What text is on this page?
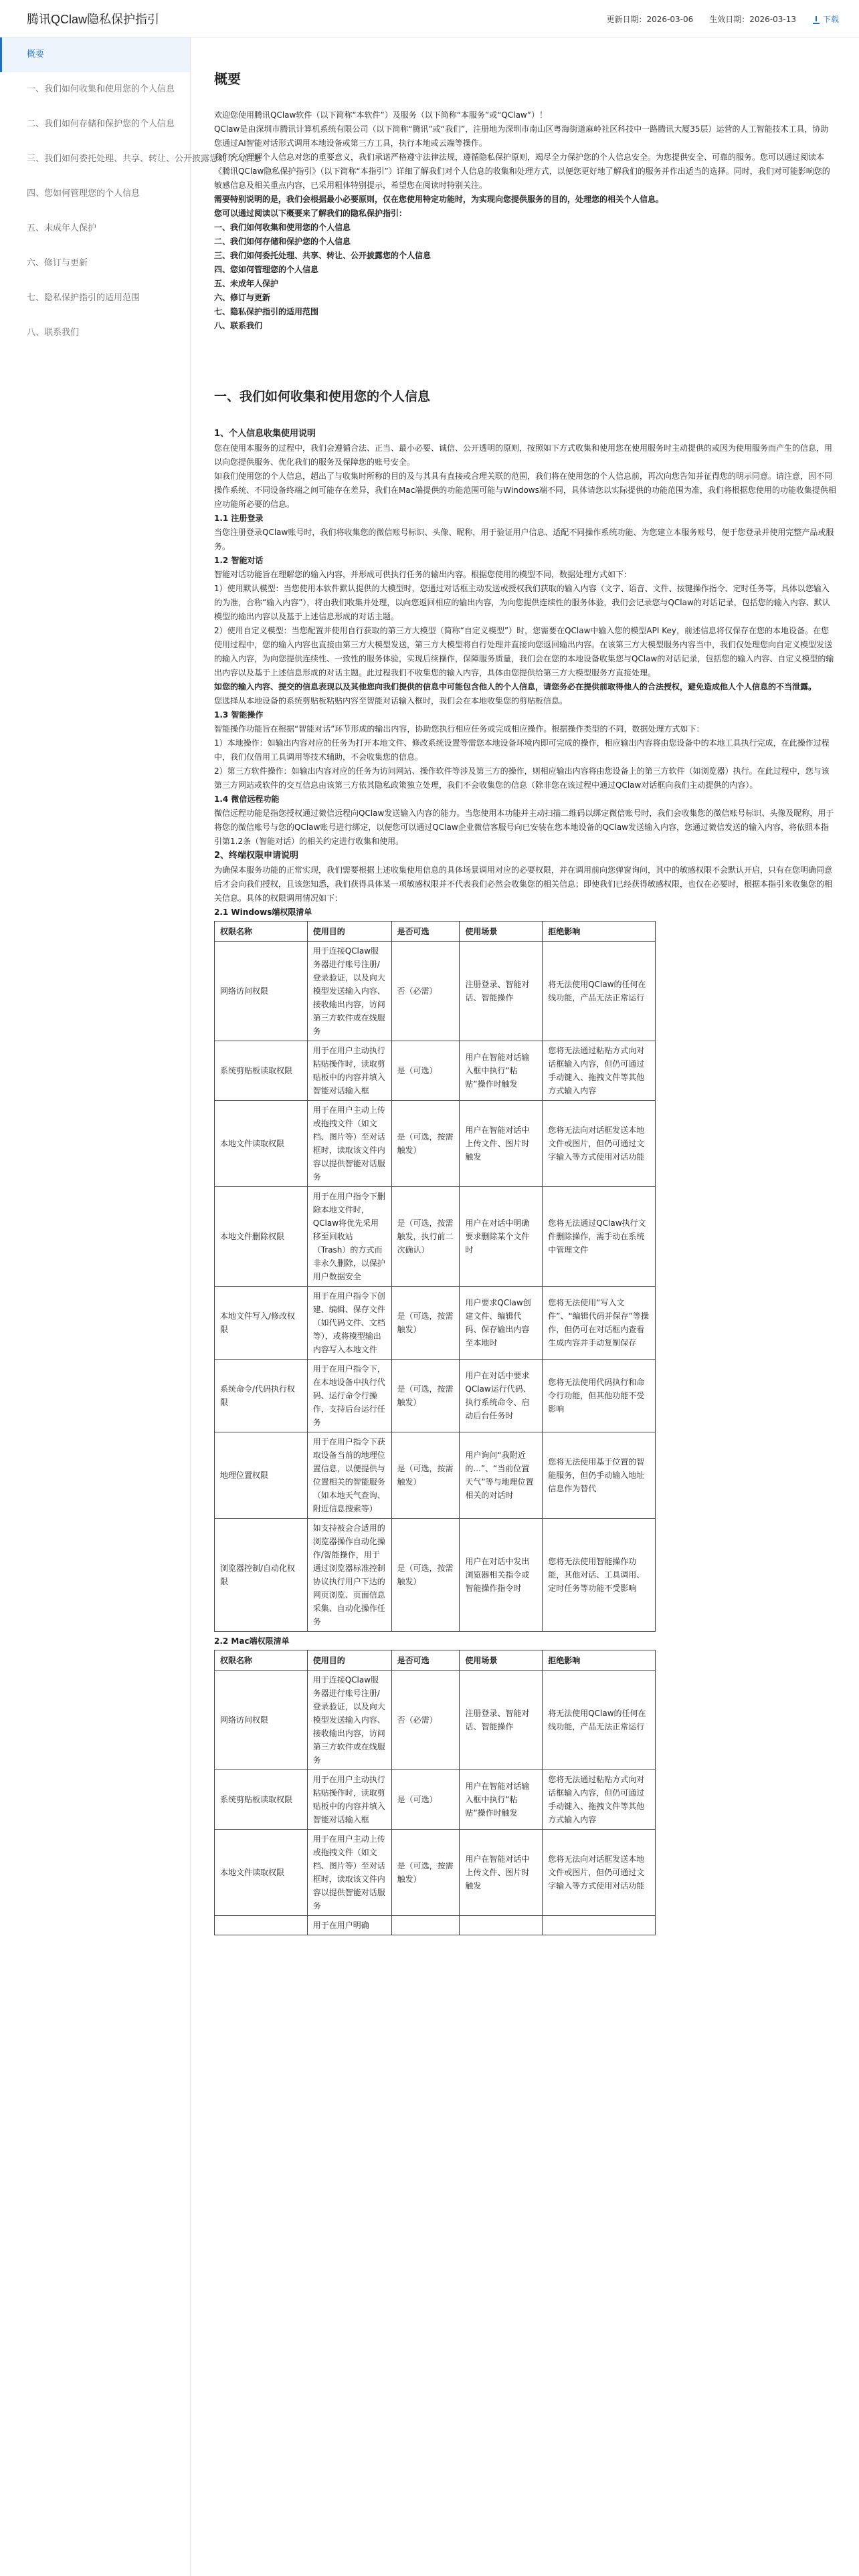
腾讯QClaw隐私保护指引	更新日期：2026-03-06 生效日期：2026-03-13	下载
概要
一、我们如何收集和使用您的个人信息
二、我们如何存储和保护您的个人信息
三、我们如何委托处理、共享、转让、公开披露您的个人信息
四、您如何管理您的个人信息
五、未成年人保护
六、修订与更新
七、隐私保护指引的适用范围
八、联系我们
概要

欢迎您使用腾讯QClaw软件（以下简称“本软件”）及服务（以下简称“本服务”或“QClaw”）！

QClaw是由深圳市腾讯计算机系统有限公司（以下简称“腾讯”或“我们”，注册地为深圳市南山区粤海街道麻岭社区科技中一路腾讯大厦35层）运营的人工智能技术工具，协助您通过AI智能对话形式调用本地设备或第三方工具，执行本地或云端等操作。

我们充分理解个人信息对您的重要意义，我们承诺严格遵守法律法规，遵循隐私保护原则，竭尽全力保护您的个人信息安全。为您提供安全、可靠的服务。您可以通过阅读本《腾讯QClaw隐私保护指引》（以下简称“本指引”）详细了解我们对个人信息的收集和处理方式，以便您更好地了解我们的服务并作出适当的选择。同时，我们对可能影响您的敏感信息及相关重点内容，已采用粗体特别提示，希望您在阅读时特别关注。

需要特别说明的是，我们会根据最小必要原则，仅在您使用特定功能时，为实现向您提供服务的目的，处理您的相关个人信息。

您可以通过阅读以下概要来了解我们的隐私保护指引：

一、我们如何收集和使用您的个人信息

二、我们如何存储和保护您的个人信息

三、我们如何委托处理、共享、转让、公开披露您的个人信息

四、您如何管理您的个人信息

五、未成年人保护

六、修订与更新

七、隐私保护指引的适用范围

八、联系我们

一、我们如何收集和使用您的个人信息

1、个人信息收集使用说明

您在使用本服务的过程中，我们会遵循合法、正当、最小必要、诚信、公开透明的原则，按照如下方式收集和使用您在使用服务时主动提供的或因为使用服务而产生的信息，用以向您提供服务、优化我们的服务及保障您的账号安全。

如我们使用您的个人信息，超出了与收集时所称的目的及与其具有直接或合理关联的范围，我们将在使用您的个人信息前，再次向您告知并征得您的明示同意。请注意，因不同操作系统、不同设备终端之间可能存在差异，我们在Mac端提供的功能范围可能与Windows端不同，具体请您以实际提供的功能范围为准，我们将根据您使用的功能收集提供相应功能所必要的信息。

1.1 注册登录

当您注册登录QClaw账号时，我们将收集您的微信账号标识、头像、昵称，用于验证用户信息、适配不同操作系统功能、为您建立本服务账号，便于您登录并使用完整产品或服务。

1.2 智能对话

智能对话功能旨在理解您的输入内容，并形成可供执行任务的输出内容。根据您使用的模型不同，数据处理方式如下：

1）使用默认模型：当您使用本软件默认提供的大模型时，您通过对话框主动发送或授权我们获取的输入内容（文字、语音、文件、按键操作指令、定时任务等，具体以您输入的为准，合称“输入内容”），将由我们收集并处理，以向您返回相应的输出内容，为向您提供连续性的服务体验，我们会记录您与QClaw的对话记录，包括您的输入内容、默认模型的输出内容以及基于上述信息形成的对话主题。

2）使用自定义模型：当您配置并使用自行获取的第三方大模型（简称“自定义模型”）时，您需要在QClaw中输入您的模型API Key，前述信息将仅保存在您的本地设备。在您使用过程中，您的输入内容也直接由第三方大模型发送，第三方大模型将自行处理并直接向您返回输出内容。在该第三方大模型服务内容当中，我们仅处理您向自定义模型发送的输入内容，为向您提供连续性、一致性的服务体验，实现后续操作，保障服务质量，我们会在您的本地设备收集您与QClaw的对话记录，包括您的输入内容、自定义模型的输出内容以及基于上述信息形成的对话主题。此过程我们不收集您的输入内容，具体由您提供给第三方大模型服务方直接处理。

如您的输入内容、提交的信息表现以及其他您向我们提供的信息中可能包含他人的个人信息，请您务必在提供前取得他人的合法授权，避免造成他人个人信息的不当泄露。

您选择从本地设备的系统剪贴板粘贴内容至智能对话输入框时，我们会在本地收集您的剪贴板信息。

1.3 智能操作

智能操作功能旨在根据“智能对话”环节形成的输出内容，协助您执行相应任务或完成相应操作。根据操作类型的不同，数据处理方式如下：

1）本地操作：如输出内容对应的任务为打开本地文件、修改系统设置等需您本地设备环境内即可完成的操作，相应输出内容将由您设备中的本地工具执行完成，在此操作过程中，我们仅借用工具调用等技术辅助，不会收集您的信息。

2）第三方软件操作：如输出内容对应的任务为访问网站、操作软件等涉及第三方的操作，则相应输出内容将由您设备上的第三方软件（如浏览器）执行。在此过程中，您与该第三方网站或软件的交互信息由该第三方依其隐私政策独立处理，我们不会收集您的信息（除非您在该过程中通过QClaw对话框向我们主动提供的内容）。

1.4 微信远程功能

微信远程功能是指您授权通过微信远程向QClaw发送输入内容的能力。当您使用本功能并主动扫描二维码以绑定微信账号时，我们会收集您的微信账号标识、头像及昵称，用于将您的微信账号与您的QClaw账号进行绑定，以便您可以通过QClaw企业微信客服号向已安装在您本地设备的QClaw发送输入内容，您通过微信发送的输入内容，将依照本指引第1.2条（智能对话）的相关约定进行收集和使用。

2、终端权限申请说明

为确保本服务功能的正常实现，我们需要根据上述收集使用信息的具体场景调用对应的必要权限，并在调用前向您弹窗询问，其中的敏感权限不会默认开启，只有在您明确同意后才会向我们授权，且该您知悉，我们获得具体某一项敏感权限并不代表我们必然会收集您的相关信息；即使我们已经获得敏感权限，也仅在必要时，根据本指引来收集您的相关信息。具体的权限调用情况如下：

2.1 Windows端权限清单

权限名称	使用目的	是否可选	使用场景	拒绝影响
网络访问权限	用于连接QClaw服务器进行账号注册/登录验证，以及向大模型发送输入内容、接收输出内容，访问第三方软件或在线服务	否（必需）	注册登录、智能对话、智能操作	将无法使用QClaw的任何在线功能，产品无法正常运行
系统剪贴板读取权限	用于在用户主动执行粘贴操作时，读取剪贴板中的内容并填入智能对话输入框	是（可选）	用户在智能对话输入框中执行“粘贴”操作时触发	您将无法通过粘贴方式向对话框输入内容，但仍可通过手动键入、拖拽文件等其他方式输入内容
本地文件读取权限	用于在用户主动上传或拖拽文件（如文档、图片等）至对话框时，读取该文件内容以提供智能对话服务	是（可选，按需触发）	用户在智能对话中上传文件、图片时触发	您将无法向对话框发送本地文件或图片，但仍可通过文字输入等方式使用对话功能
本地文件删除权限	用于在用户指令下删除本地文件时，QClaw将优先采用移至回收站（Trash）的方式而非永久删除，以保护用户数据安全	是（可选，按需触发，执行前二次确认）	用户在对话中明确要求删除某个文件时	您将无法通过QClaw执行文件删除操作，需手动在系统中管理文件
本地文件写入/修改权限	用于在用户指令下创建、编辑、保存文件（如代码文件、文档等），或将模型输出内容写入本地文件	是（可选，按需触发）	用户要求QClaw创建文件、编辑代码、保存输出内容至本地时	您将无法使用“写入文件”、“编辑代码并保存”等操作，但仍可在对话框内查看生成内容并手动复制保存
系统命令/代码执行权限	用于在用户指令下，在本地设备中执行代码、运行命令行操作，支持后台运行任务	是（可选，按需触发）	用户在对话中要求QClaw运行代码、执行系统命令、启动后台任务时	您将无法使用代码执行和命令行功能，但其他功能不受影响
地理位置权限	用于在用户指令下获取设备当前的地理位置信息，以便提供与位置相关的智能服务（如本地天气查询、附近信息搜索等）	是（可选，按需触发）	用户询问“我附近的...”、“当前位置天气”等与地理位置相关的对话时	您将无法使用基于位置的智能服务，但仍手动输入地址信息作为替代
浏览器控制/自动化权限	如支持被会合适用的浏览器操作自动化操作/智能操作，用于通过浏览器标准控制协议执行用户下达的网页浏览、页面信息采集、自动化操作任务	是（可选，按需触发）	用户在对话中发出浏览器相关指令或智能操作指令时	您将无法使用智能操作功能，其他对话、工具调用、定时任务等功能不受影响

2.2 Mac端权限清单

权限名称	使用目的	是否可选	使用场景	拒绝影响
网络访问权限	用于连接QClaw服务器进行账号注册/登录验证，以及向大模型发送输入内容、接收输出内容，访问第三方软件或在线服务	否（必需）	注册登录、智能对话、智能操作	将无法使用QClaw的任何在线功能，产品无法正常运行
系统剪贴板读取权限	用于在用户主动执行粘贴操作时，读取剪贴板中的内容并填入智能对话输入框	是（可选）	用户在智能对话输入框中执行“粘贴”操作时触发	您将无法通过粘贴方式向对话框输入内容，但仍可通过手动键入、拖拽文件等其他方式输入内容
本地文件读取权限	用于在用户主动上传或拖拽文件（如文档、图片等）至对话框时，读取该文件内容以提供智能对话服务	是（可选，按需触发）	用户在智能对话中上传文件、图片时触发	您将无法向对话框发送本地文件或图片，但仍可通过文字输入等方式使用对话功能
	用于在用户明确			
